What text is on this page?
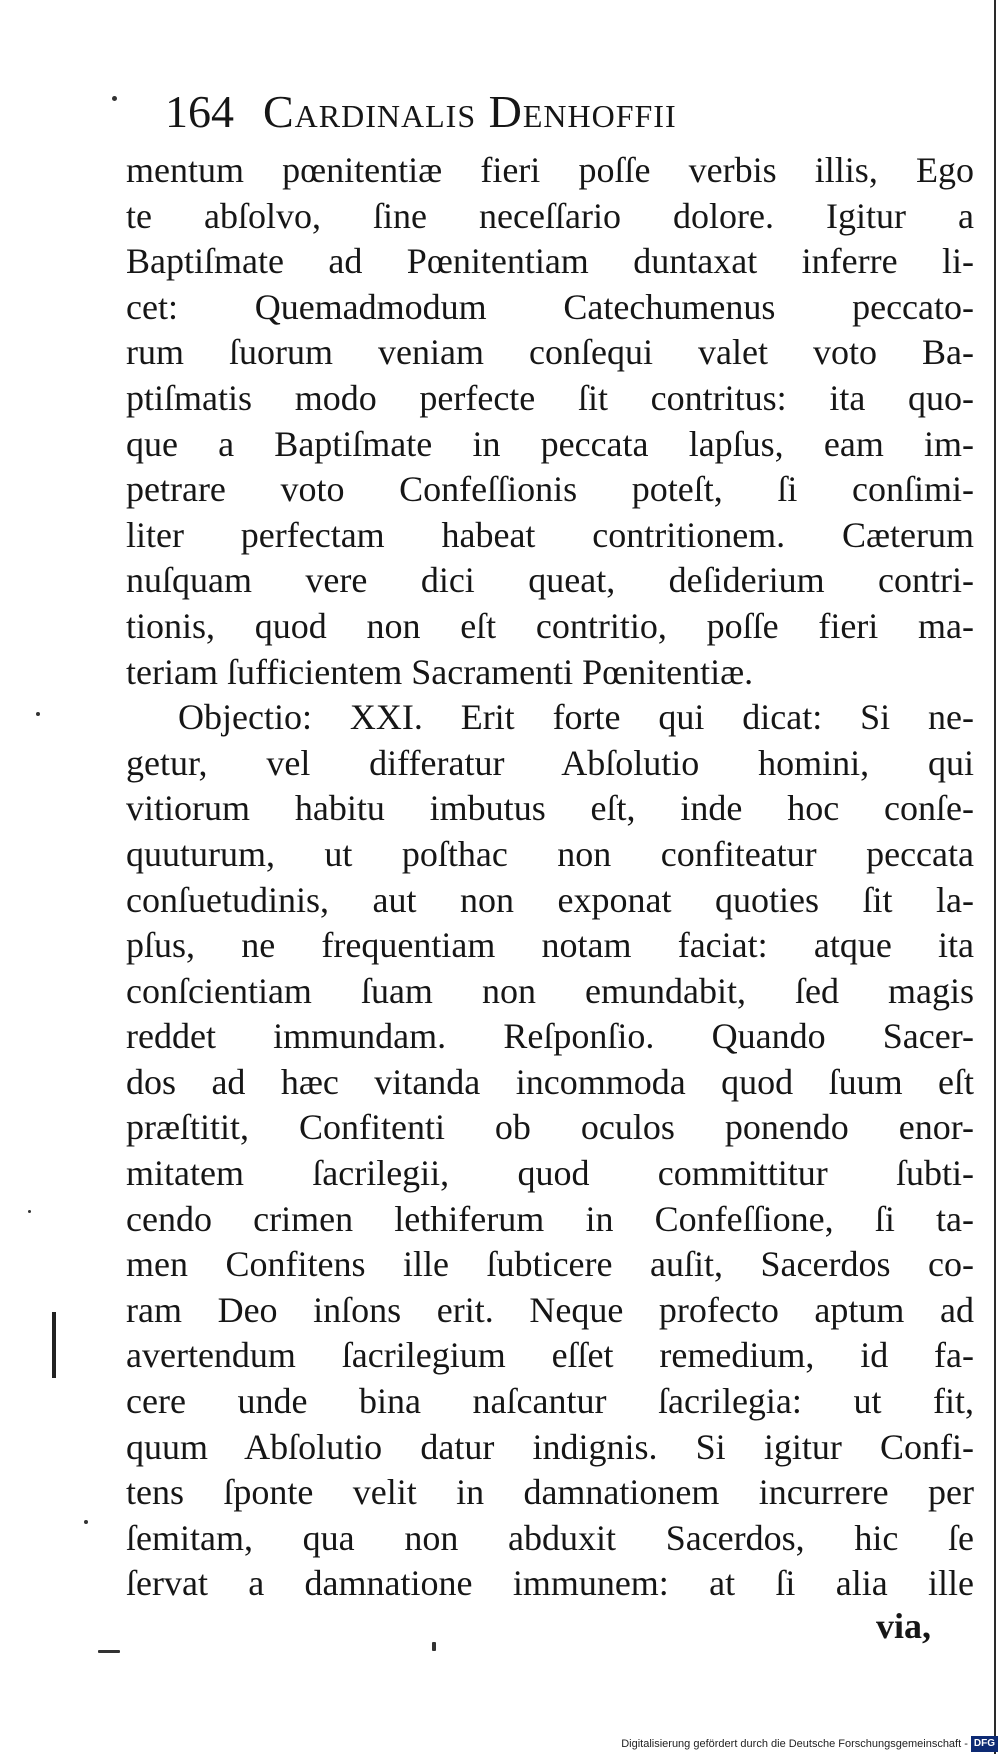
164 Cardinalis Denhoffii
mentum pœnitentiæ fieri poſſe verbis illis, Ego
te abſolvo, ſine neceſſario dolore. Igitur a
Baptiſmate ad Pœnitentiam duntaxat inferre li-
cet: Quemadmodum Catechumenus peccato-
rum ſuorum veniam conſequi valet voto Ba-
ptiſmatis modo perfecte ſit contritus: ita quo-
que a Baptiſmate in peccata lapſus, eam im-
petrare voto Confeſſionis poteſt, ſi conſimi-
liter perfectam habeat contritionem. Cæterum
nuſquam vere dici queat, deſiderium contri-
tionis, quod non eſt contritio, poſſe fieri ma-
teriam ſufficientem Sacramenti Pœnitentiæ.
Objectio: XXI. Erit forte qui dicat: Si ne-
getur, vel differatur Abſolutio homini, qui
vitiorum habitu imbutus eſt, inde hoc conſe-
quuturum, ut poſthac non confiteatur peccata
conſuetudinis, aut non exponat quoties ſit la-
pſus, ne frequentiam notam faciat: atque ita
conſcientiam ſuam non emundabit, ſed magis
reddet immundam. Reſponſio. Quando Sacer-
dos ad hæc vitanda incommoda quod ſuum eſt
præſtitit, Confitenti ob oculos ponendo enor-
mitatem ſacrilegii, quod committitur ſubti-
cendo crimen lethiferum in Confeſſione, ſi ta-
men Confitens ille ſubticere auſit, Sacerdos co-
ram Deo inſons erit. Neque profecto aptum ad
avertendum ſacrilegium eſſet remedium, id fa-
cere unde bina naſcantur ſacrilegia: ut fit,
quum Abſolutio datur indignis. Si igitur Confi-
tens ſponte velit in damnationem incurrere per
ſemitam, qua non abduxit Sacerdos, hic ſe
ſervat a damnatione immunem: at ſi alia ille
via,
Digitalisierung gefördert durch die Deutsche Forschungsgemeinschaft - DFG
